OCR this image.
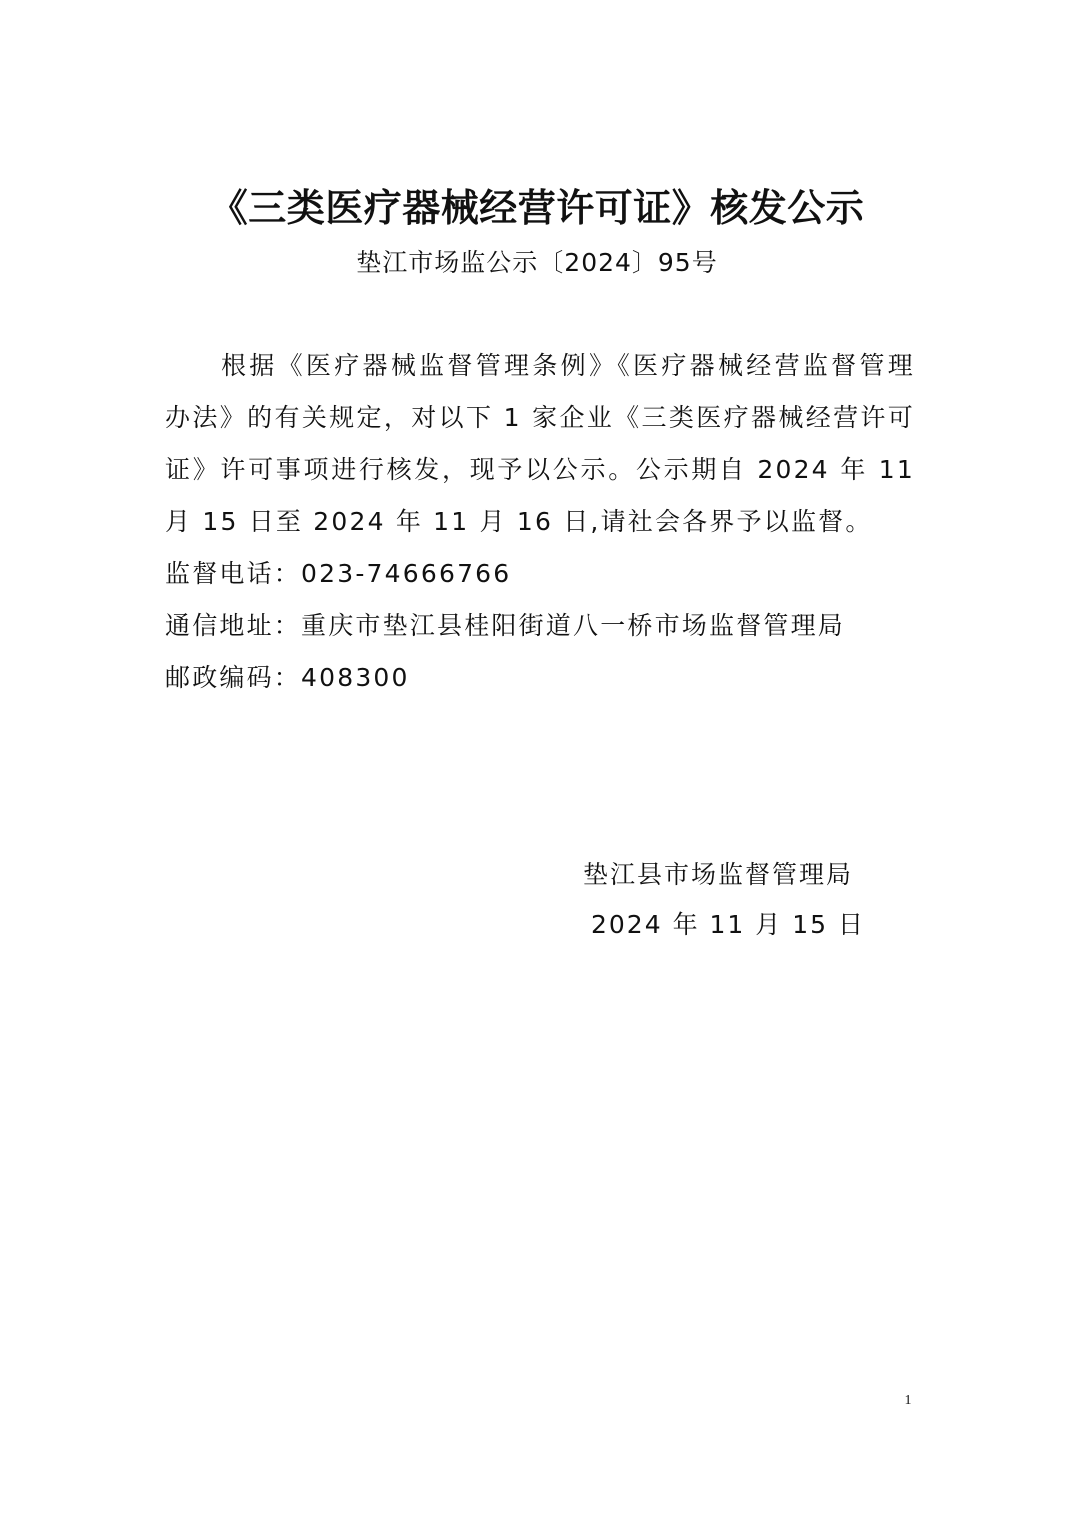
《三类医疗器械经营许可证》核发公示
垫江市场监公示〔2024〕95号

根据《医疗器械监督管理条例》《医疗器械经营监督管理办法》的有关规定，对以下 1 家企业《三类医疗器械经营许可证》许可事项进行核发，现予以公示。公示期自 2024 年 11 月 15 日至 2024 年 11 月 16 日,请社会各界予以监督。

监督电话：023-74666766

通信地址：重庆市垫江县桂阳街道八一桥市场监督管理局

邮政编码：408300

垫江县市场监督管理局

2024 年 11 月 15 日

1
